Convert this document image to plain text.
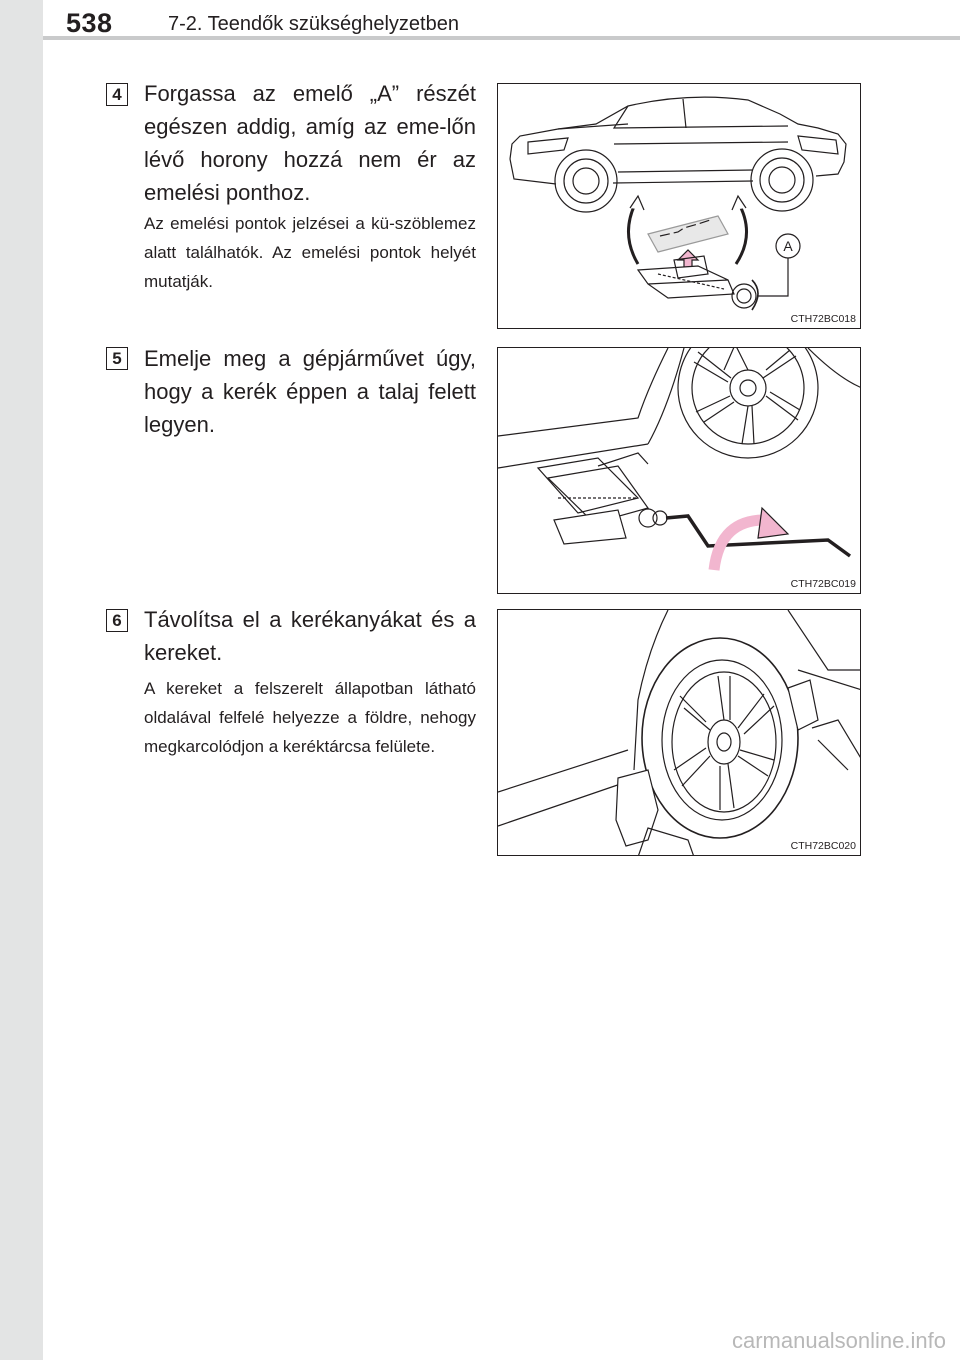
538	7-2. Teendők szükséghelyzetben
4 Forgassa az emelő „A” részét egészen addig, amíg az eme-lőn lévő horony hozzá nem ér az emelési ponthoz.
Az emelési pontok jelzései a kü-szöblemez alatt találhatók. Az emelési pontok helyét mutatják.
A
CTH72BC018
5 Emelje meg a gépjárművet úgy, hogy a kerék éppen a talaj felett legyen.
CTH72BC019
6 Távolítsa el a kerékanyákat és a kereket.
A kereket a felszerelt állapotban látható oldalával felfelé helyezze a földre, nehogy megkarcolódjon a keréktárcsa felülete.
CTH72BC020
carmanualsonline.info
